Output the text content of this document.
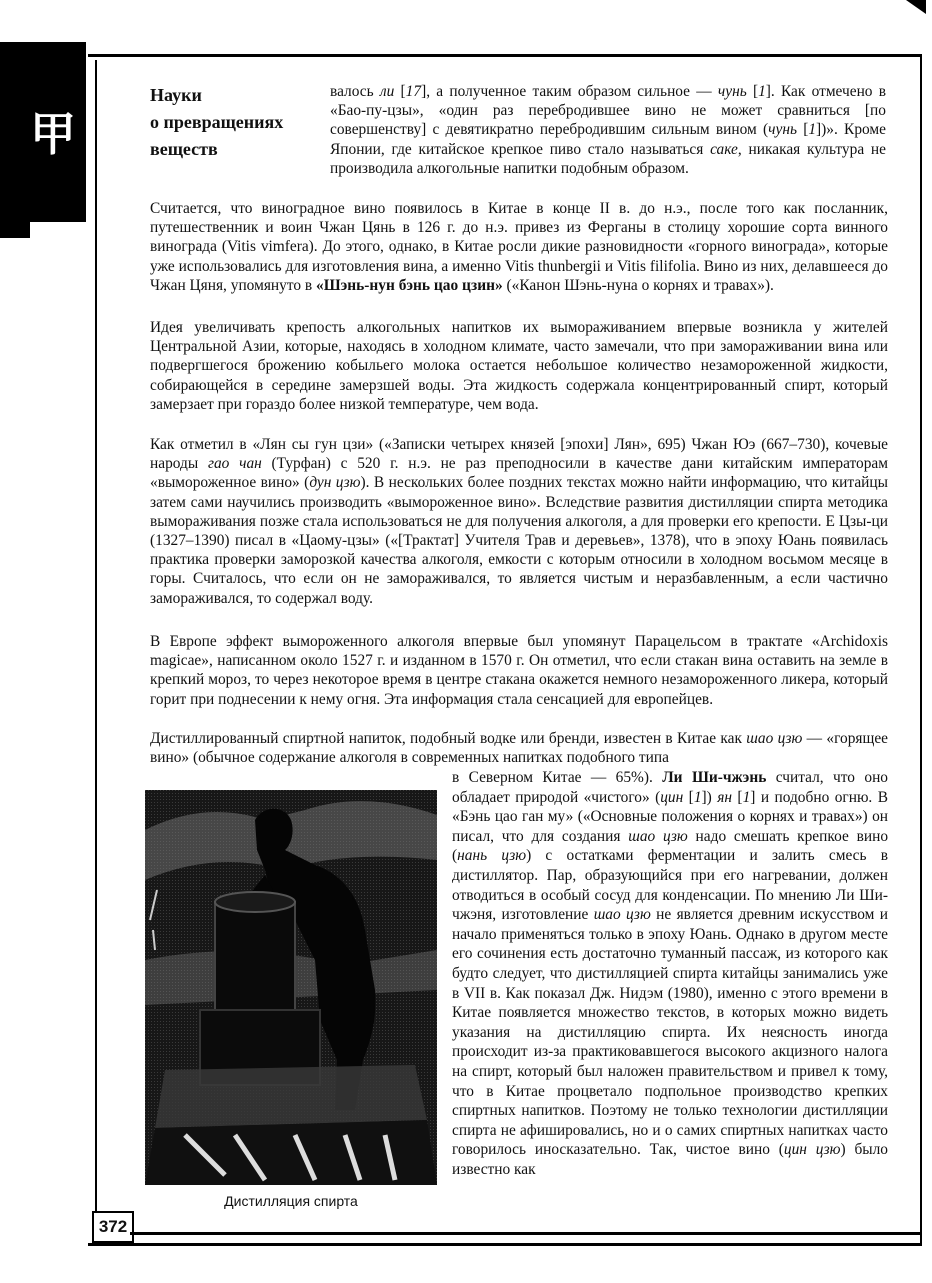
甲
Науки
о превращениях
веществ

валось ли [17], а полученное таким образом сильное — чунь [1]. Как отмечено в «Бао-пу-цзы», «один раз перебродившее вино не может сравниться [по совершенству] с девятикратно перебродившим сильным вином (чунь [1])». Кроме Японии, где китайское крепкое пиво стало называться саке, никакая культура не производила алкогольные напитки подобным образом.

Считается, что виноградное вино появилось в Китае в конце II в. до н.э., после того как посланник, путешественник и воин Чжан Цянь в 126 г. до н.э. привез из Ферганы в столицу хорошие сорта винного винограда (Vitis vimfera). До этого, однако, в Китае росли дикие разновидности «горного винограда», которые уже использовались для изготовления вина, а именно Vitis thunbergii и Vitis filifolia. Вино из них, делавшееся до Чжан Цяня, упомянуто в «Шэнь-нун бэнь цао цзин» («Канон Шэнь-нуна о корнях и травах»).

Идея увеличивать крепость алкогольных напитков их вымораживанием впервые возникла у жителей Центральной Азии, которые, находясь в холодном климате, часто замечали, что при замораживании вина или подвергшегося брожению кобыльего молока остается небольшое количество незамороженной жидкости, собирающейся в середине замерзшей воды. Эта жидкость содержала концентрированный спирт, который замерзает при гораздо более низкой температуре, чем вода.

Как отметил в «Лян сы гун цзи» («Записки четырех князей [эпохи] Лян», 695) Чжан Юэ (667–730), кочевые народы гао чан (Турфан) с 520 г. н.э. не раз преподносили в качестве дани китайским императорам «вымороженное вино» (дун цзю). В нескольких более поздних текстах можно найти информацию, что китайцы затем сами научились производить «вымороженное вино». Вследствие развития дистилляции спирта методика вымораживания позже стала использоваться не для получения алкоголя, а для проверки его крепости. Е Цзы-ци (1327–1390) писал в «Цаому-цзы» («[Трактат] Учителя Трав и деревьев», 1378), что в эпоху Юань появилась практика проверки заморозкой качества алкоголя, емкости с которым относили в холодном восьмом месяце в горы. Считалось, что если он не замораживался, то является чистым и неразбавленным, а если частично замораживался, то содержал воду.

В Европе эффект вымороженного алкоголя впервые был упомянут Парацельсом в трактате «Archidoxis magicae», написанном около 1527 г. и изданном в 1570 г. Он отметил, что если стакан вина оставить на земле в крепкий мороз, то через некоторое время в центре стакана окажется немного незамороженного ликера, который горит при поднесении к нему огня. Эта информация стала сенсацией для европейцев.

Дистиллированный спиртной напиток, подобный водке или бренди, известен в Китае как шао цзю — «горящее вино» (обычное содержание алкоголя в современных напитках подобного типа

в Северном Китае — 65%). Ли Ши-чжэнь считал, что оно обладает природой «чистого» (цин [1]) ян [1] и подобно огню. В «Бэнь цао ган му» («Основные положения о корнях и травах») он писал, что для создания шао цзю надо смешать крепкое вино (нань цзю) с остатками ферментации и залить смесь в дистиллятор. Пар, образующийся при его нагревании, должен отводиться в особый сосуд для конденсации. По мнению Ли Ши-чжэня, изготовление шао цзю не является древним искусством и начало применяться только в эпоху Юань. Однако в другом месте его сочинения есть достаточно туманный пассаж, из которого как будто следует, что дистилляцией спирта китайцы занимались уже в VII в. Как показал Дж. Нидэм (1980), именно с этого времени в Китае появляется множество текстов, в которых можно видеть указания на дистилляцию спирта. Их неясность иногда происходит из-за практиковавшегося высокого акцизного налога на спирт, который был наложен правительством и привел к тому, что в Китае процветало подпольное производство крепких спиртных напитков. Поэтому не только технологии дистилляции спирта не афишировались, но и о самих спиртных напитках часто говорилось иносказательно. Так, чистое вино (цин цзю) было известно как

Дистилляция спирта
372
